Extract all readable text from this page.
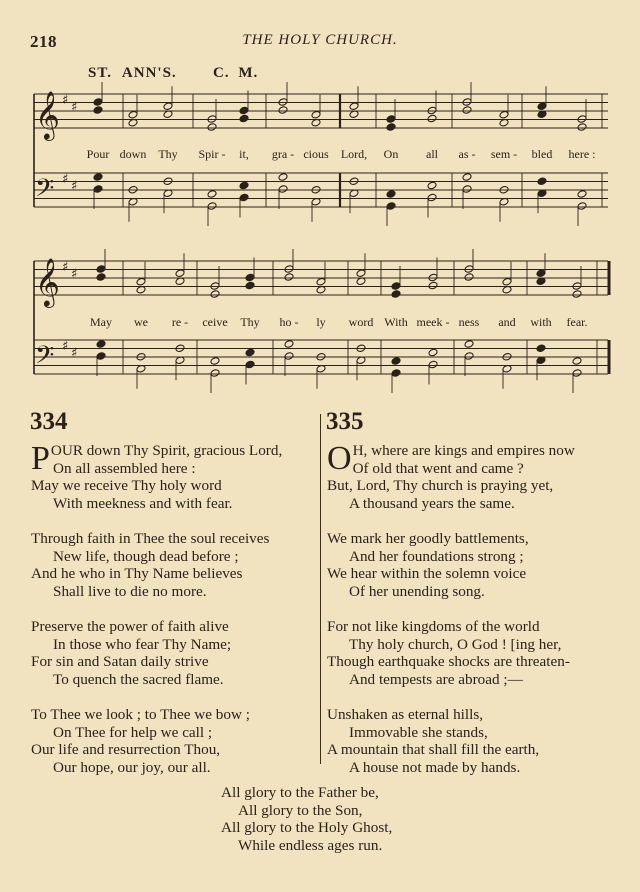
218	THE HOLY CHURCH.
ST. ANN'S. C. M.
𝄞 ♯ ♯
𝄢 ♯ ♯
𝄞 ♯ ♯
𝄢 ♯ ♯
Pour down Thy Spir - it, gra - cious Lord, On all as - sem - bled here :
May we re - ceive Thy ho - ly word With meek - ness and with fear.
334	335
POUR down Thy Spirit, gracious Lord,
On all assembled here :
May we receive Thy holy word
With meekness and with fear.
Through faith in Thee the soul receives
New life, though dead before ;
And he who in Thy Name believes
Shall live to die no more.
Preserve the power of faith alive
In those who fear Thy Name;
For sin and Satan daily strive
To quench the sacred flame.
To Thee we look ; to Thee we bow ;
On Thee for help we call ;
Our life and resurrection Thou,
Our hope, our joy, our all.
O H, where are kings and empires now
Of old that went and came ?
But, Lord, Thy church is praying yet,
A thousand years the same.
We mark her goodly battlements,
And her foundations strong ;
We hear within the solemn voice
Of her unending song.
For not like kingdoms of the world
Thy holy church, O God ! [ing her,
Though earthquake shocks are threaten-
And tempests are abroad ;—
Unshaken as eternal hills,
Immovable she stands,
A mountain that shall fill the earth,
A house not made by hands.
All glory to the Father be,
All glory to the Son,
All glory to the Holy Ghost,
While endless ages run.
